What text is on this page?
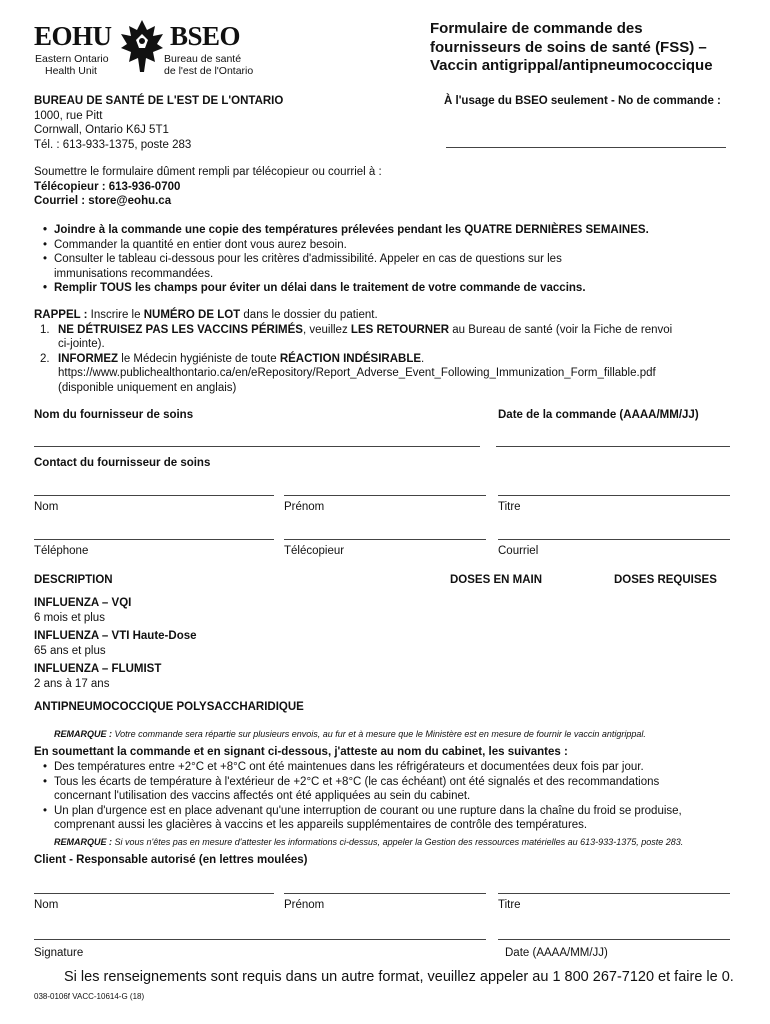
EOHU BSEO
Eastern Ontario
Health Unit
Bureau de santé
de l'est de l'Ontario
Formulaire de commande des
fournisseurs de soins de santé (FSS) –
Vaccin antigrippal/antipneumococcique
BUREAU DE SANTÉ DE L'EST DE L'ONTARIO
1000, rue Pitt
Cornwall, Ontario K6J 5T1
Tél. : 613-933-1375, poste 283
À l'usage du BSEO seulement - No de commande :
Soumettre le formulaire dûment rempli par télécopieur ou courriel à :
Télécopieur : 613-936-0700
Courriel : store@eohu.ca
• Joindre à la commande une copie des températures prélevées pendant les QUATRE DERNIÈRES SEMAINES.
• Commander la quantité en entier dont vous aurez besoin.
• Consulter le tableau ci-dessous pour les critères d'admissibilité. Appeler en cas de questions sur les
immunisations recommandées.
• Remplir TOUS les champs pour éviter un délai dans le traitement de votre commande de vaccins.
RAPPEL : Inscrire le NUMÉRO DE LOT dans le dossier du patient.
1. NE DÉTRUISEZ PAS LES VACCINS PÉRIMÉS, veuillez LES RETOURNER au Bureau de santé (voir la Fiche de renvoi
ci-jointe).
2. INFORMEZ le Médecin hygiéniste de toute RÉACTION INDÉSIRABLE.
https://www.publichealthontario.ca/en/eRepository/Report_Adverse_Event_Following_Immunization_Form_fillable.pdf
(disponible uniquement en anglais)
Nom du fournisseur de soins	Date de la commande (AAAA/MM/JJ)
Contact du fournisseur de soins
Nom	Prénom	Titre
Téléphone	Télécopieur	Courriel
DESCRIPTION	DOSES EN MAIN	DOSES REQUISES
INFLUENZA – VQI
6 mois et plus
INFLUENZA – VTI Haute-Dose
65 ans et plus
INFLUENZA – FLUMIST
2 ans à 17 ans
ANTIPNEUMOCOCCIQUE POLYSACCHARIDIQUE
REMARQUE : Votre commande sera répartie sur plusieurs envois, au fur et à mesure que le Ministère est en mesure de fournir le vaccin antigrippal.
En soumettant la commande et en signant ci-dessous, j'atteste au nom du cabinet, les suivantes :
• Des températures entre +2°C et +8°C ont été maintenues dans les réfrigérateurs et documentées deux fois par jour.
• Tous les écarts de température à l'extérieur de +2°C et +8°C (le cas échéant) ont été signalés et des recommandations
concernant l'utilisation des vaccins affectés ont été appliquées au sein du cabinet.
• Un plan d'urgence est en place advenant qu'une interruption de courant ou une rupture dans la chaîne du froid se produise,
comprenant aussi les glacières à vaccins et les appareils supplémentaires de contrôle des températures.
REMARQUE : Si vous n'êtes pas en mesure d'attester les informations ci-dessus, appeler la Gestion des ressources matérielles au 613-933-1375, poste 283.
Client - Responsable autorisé (en lettres moulées)
Nom	Prénom	Titre
Signature	Date (AAAA/MM/JJ)
Si les renseignements sont requis dans un autre format, veuillez appeler au 1 800 267-7120 et faire le 0.
038-0106f VACC-10614-G (18)
